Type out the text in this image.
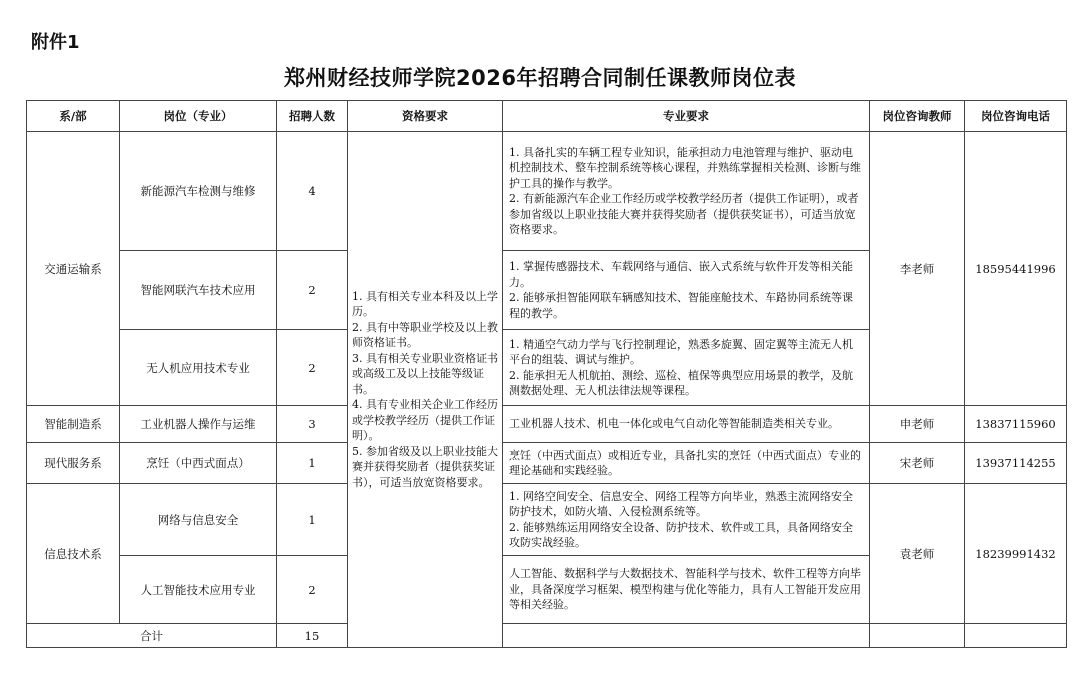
附件1
郑州财经技师学院2026年招聘合同制任课教师岗位表
系/部	岗位（专业）	招聘人数	资格要求	专业要求	岗位咨询教师	岗位咨询电话
交通运输系	新能源汽车检测与维修	4	1. 具有相关专业本科及以上学历。
2. 具有中等职业学校及以上教师资格证书。
3. 具有相关专业职业资格证书或高级工及以上技能等级证书。
4. 具有专业相关企业工作经历或学校教学经历（提供工作证明）。
5. 参加省级及以上职业技能大赛并获得奖励者（提供获奖证书），可适当放宽资格要求。	1. 具备扎实的车辆工程专业知识，能承担动力电池管理与维护、驱动电机控制技术、整车控制系统等核心课程，并熟练掌握相关检测、诊断与维护工具的操作与教学。
2. 有新能源汽车企业工作经历或学校教学经历者（提供工作证明），或者参加省级以上职业技能大赛并获得奖励者（提供获奖证书），可适当放宽资格要求。	李老师	18595441996
	智能网联汽车技术应用	2		1. 掌握传感器技术、车载网络与通信、嵌入式系统与软件开发等相关能力。
2. 能够承担智能网联车辆感知技术、智能座舱技术、车路协同系统等课程的教学。		

	无人机应用技术专业	2		1. 精通空气动力学与飞行控制理论，熟悉多旋翼、固定翼等主流无人机平台的组装、调试与维护。
2. 能承担无人机航拍、测绘、巡检、植保等典型应用场景的教学，及航测数据处理、无人机法律法规等课程。		

智能制造系	工业机器人操作与运维	3		工业机器人技术、机电一体化或电气自动化等智能制造类相关专业。	申老师	13837115960
现代服务系	烹饪（中西式面点）	1		烹饪（中西式面点）或相近专业，具备扎实的烹饪（中西式面点）专业的理论基础和实践经验。	宋老师	13937114255
信息技术系	网络与信息安全	1		1. 网络空间安全、信息安全、网络工程等方向毕业，熟悉主流网络安全防护技术，如防火墙、入侵检测系统等。
2. 能够熟练运用网络安全设备、防护技术、软件或工具，具备网络安全攻防实战经验。	袁老师	18239991432
	人工智能技术应用专业	2		人工智能、数据科学与大数据技术、智能科学与技术、软件工程等方向毕业，具备深度学习框架、模型构建与优化等能力，具有人工智能开发应用等相关经验。		

合计		15				
